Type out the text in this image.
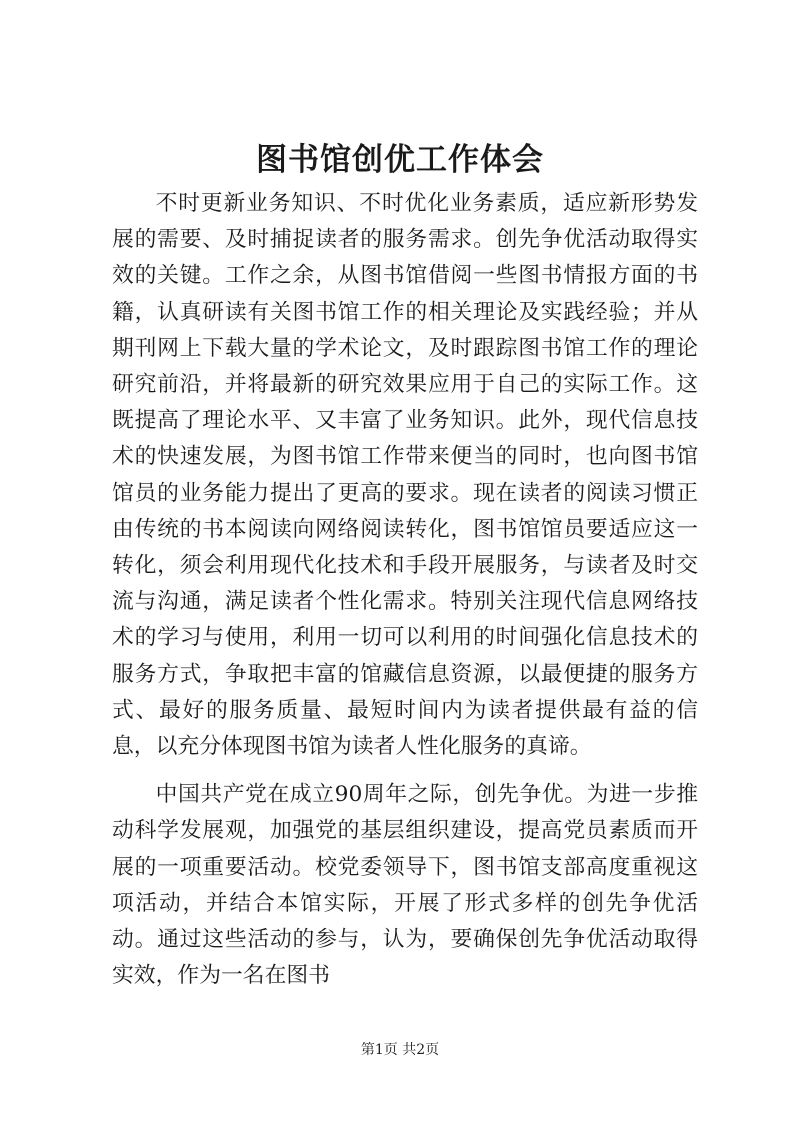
图书馆创优工作体会

不时更新业务知识、不时优化业务素质，适应新形势发展的需要、及时捕捉读者的服务需求。创先争优活动取得实效的关键。工作之余，从图书馆借阅一些图书情报方面的书籍，认真研读有关图书馆工作的相关理论及实践经验；并从期刊网上下载大量的学术论文，及时跟踪图书馆工作的理论研究前沿，并将最新的研究效果应用于自己的实际工作。这既提高了理论水平、又丰富了业务知识。此外，现代信息技术的快速发展，为图书馆工作带来便当的同时，也向图书馆馆员的业务能力提出了更高的要求。现在读者的阅读习惯正由传统的书本阅读向网络阅读转化，图书馆馆员要适应这一转化，须会利用现代化技术和手段开展服务，与读者及时交流与沟通，满足读者个性化需求。特别关注现代信息网络技术的学习与使用，利用一切可以利用的时间强化信息技术的服务方式，争取把丰富的馆藏信息资源，以最便捷的服务方式、最好的服务质量、最短时间内为读者提供最有益的信息，以充分体现图书馆为读者人性化服务的真谛。

中国共产党在成立90周年之际，创先争优。为进一步推动科学发展观，加强党的基层组织建设，提高党员素质而开展的一项重要活动。校党委领导下，图书馆支部高度重视这项活动，并结合本馆实际，开展了形式多样的创先争优活动。通过这些活动的参与，认为，要确保创先争优活动取得实效，作为一名在图书

第1页 共2页
